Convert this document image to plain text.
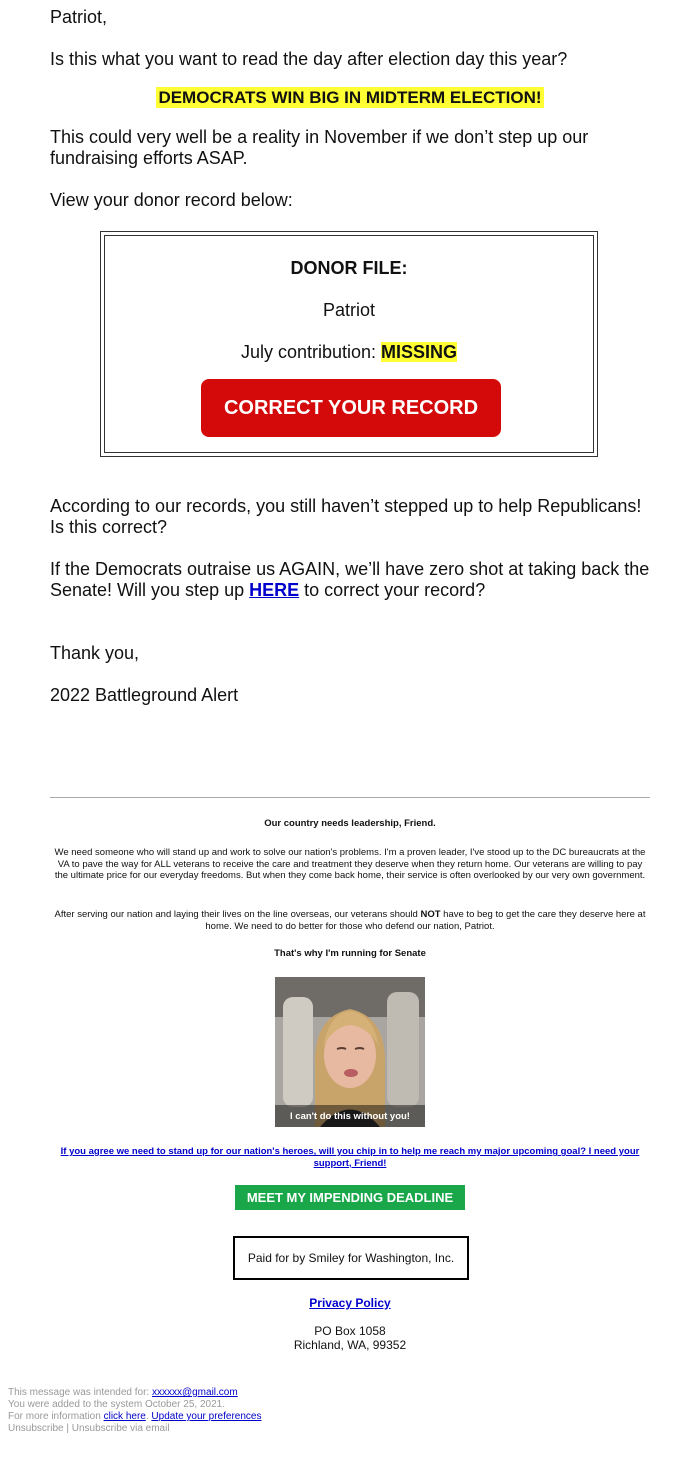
Patriot,

Is this what you want to read the day after election day this year?

DEMOCRATS WIN BIG IN MIDTERM ELECTION!

This could very well be a reality in November if we don’t step up our fundraising efforts ASAP.

View your donor record below:

DONOR FILE:
Patriot
July contribution: MISSING
CORRECT YOUR RECORD

According to our records, you still haven’t stepped up to help Republicans! Is this correct?

If the Democrats outraise us AGAIN, we’ll have zero shot at taking back the Senate! Will you step up HERE to correct your record?

Thank you,

2022 Battleground Alert

Our country needs leadership, Friend.
We need someone who will stand up and work to solve our nation's problems. I'm a proven leader, I've stood up to the DC bureaucrats at the VA to pave the way for ALL veterans to receive the care and treatment they deserve when they return home. Our veterans are willing to pay the ultimate price for our everyday freedoms. But when they come back home, their service is often overlooked by our very own government.
After serving our nation and laying their lives on the line overseas, our veterans should NOT have to beg to get the care they deserve here at home. We need to do better for those who defend our nation, Patriot.
That's why I'm running for Senate
I can't do this without you!
If you agree we need to stand up for our nation's heroes, will you chip in to help me reach my major upcoming goal? I need your support, Friend!
MEET MY IMPENDING DEADLINE
Paid for by Smiley for Washington, Inc.
Privacy Policy
PO Box 1058
Richland, WA, 99352
This message was intended for: xxxxxx@gmail.com
You were added to the system October 25, 2021.
For more information click here. Update your preferences
Unsubscribe | Unsubscribe via email
